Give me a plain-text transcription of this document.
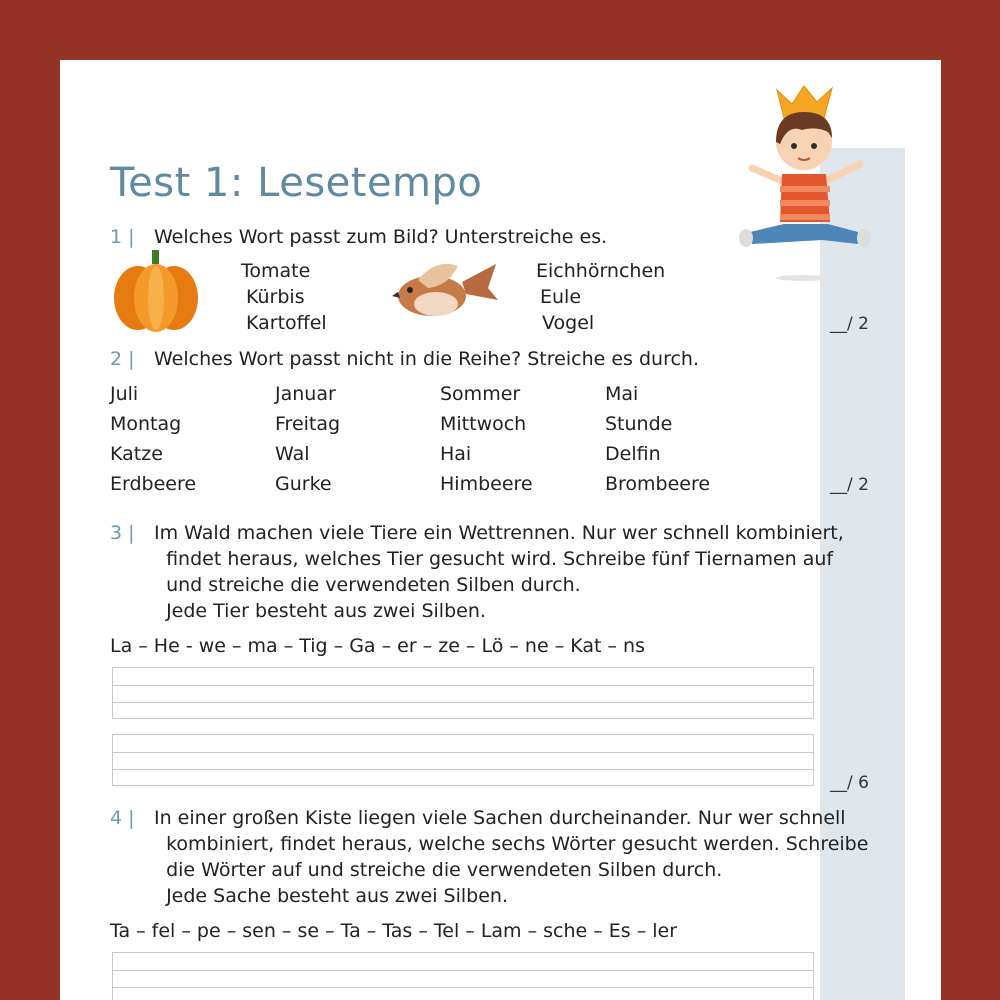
Test 1: Lesetempo
1 | Welches Wort passt zum Bild? Unterstreiche es.
Tomate
Kürbis
Kartoffel
Eichhörnchen
Eule
Vogel	__/ 2
2 | Welches Wort passt nicht in die Reihe? Streiche es durch.
Juli	Januar	Sommer	Mai
Montag	Freitag	Mittwoch	Stunde
Katze	Wal	Hai	Delfin
Erdbeere	Gurke	Himbeere	Brombeere	__/ 2
3 | Im Wald machen viele Tiere ein Wettrennen. Nur wer schnell kombiniert,
findet heraus, welches Tier gesucht wird. Schreibe fünf Tiernamen auf
und streiche die verwendeten Silben durch.
Jede Tier besteht aus zwei Silben.

La – He - we – ma – Tig – Ga – er – ze – Lö – ne – Kat – ns
__/ 6
4 | In einer großen Kiste liegen viele Sachen durcheinander. Nur wer schnell
kombiniert, findet heraus, welche sechs Wörter gesucht werden. Schreibe
die Wörter auf und streiche die verwendeten Silben durch.
Jede Sache besteht aus zwei Silben.

Ta – fel – pe – sen – se – Ta – Tas – Tel – Lam – sche – Es – ler
